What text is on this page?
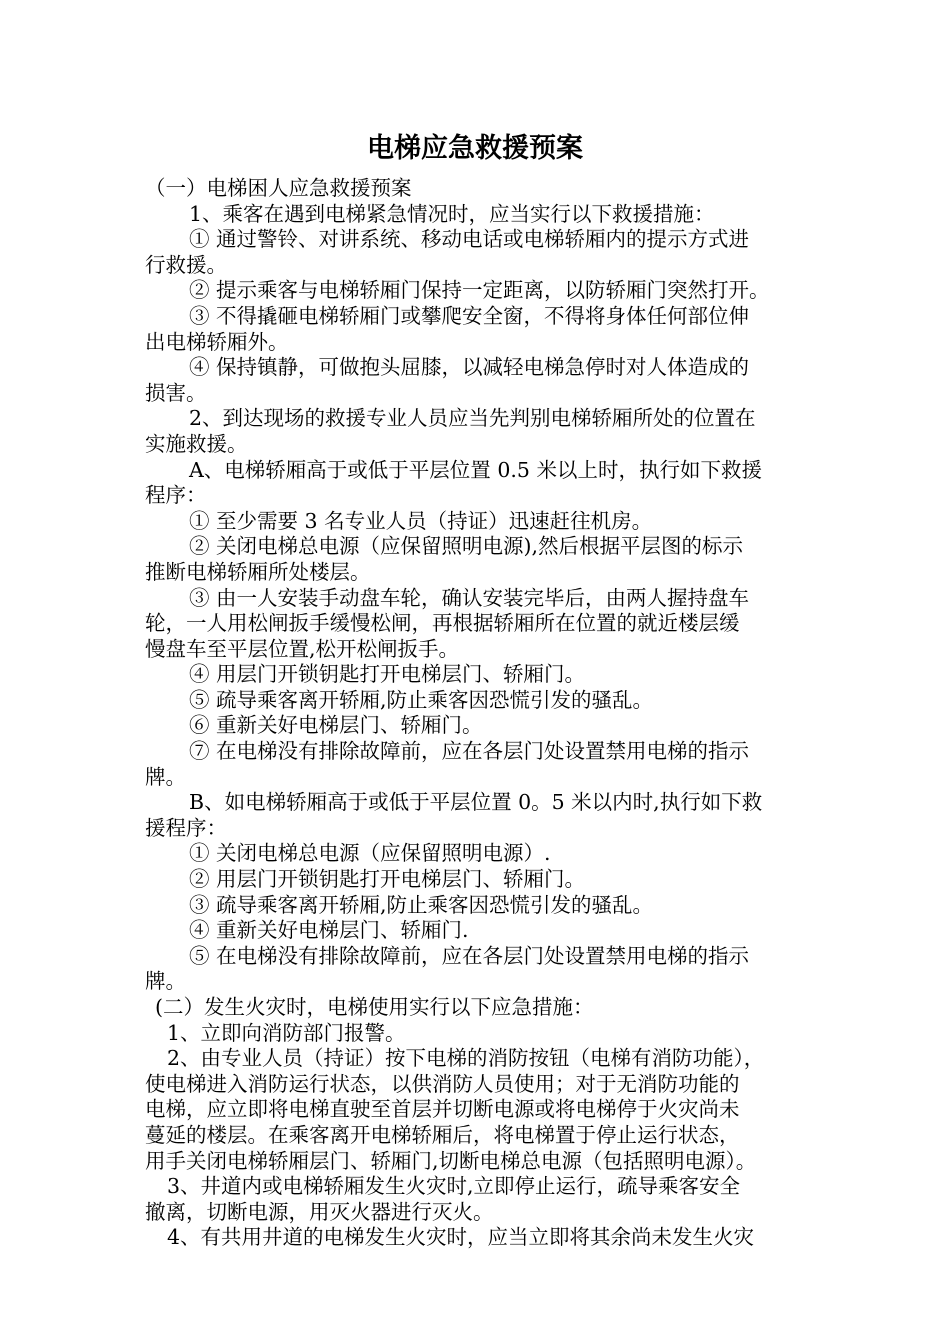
电梯应急救援预案
（一）电梯困人应急救援预案
1、乘客在遇到电梯紧急情况时，应当实行以下救援措施：
① 通过警铃、对讲系统、移动电话或电梯轿厢内的提示方式进
行救援。
② 提示乘客与电梯轿厢门保持一定距离，以防轿厢门突然打开。
③ 不得撬砸电梯轿厢门或攀爬安全窗，不得将身体任何部位伸
出电梯轿厢外。
④ 保持镇静，可做抱头屈膝，以减轻电梯急停时对人体造成的
损害。
2、到达现场的救援专业人员应当先判别电梯轿厢所处的位置在
实施救援。
A、电梯轿厢高于或低于平层位置 0.5 米以上时，执行如下救援
程序：
① 至少需要 3 名专业人员（持证）迅速赶往机房。
② 关闭电梯总电源（应保留照明电源),然后根据平层图的标示
推断电梯轿厢所处楼层。
③ 由一人安装手动盘车轮，确认安装完毕后，由两人握持盘车
轮，一人用松闸扳手缓慢松闸，再根据轿厢所在位置的就近楼层缓
慢盘车至平层位置,松开松闸扳手。
④ 用层门开锁钥匙打开电梯层门、轿厢门。
⑤ 疏导乘客离开轿厢,防止乘客因恐慌引发的骚乱。
⑥ 重新关好电梯层门、轿厢门。
⑦ 在电梯没有排除故障前，应在各层门处设置禁用电梯的指示
牌。
B、如电梯轿厢高于或低于平层位置 0。5 米以内时,执行如下救
援程序：
① 关闭电梯总电源（应保留照明电源）.
② 用层门开锁钥匙打开电梯层门、轿厢门。
③ 疏导乘客离开轿厢,防止乘客因恐慌引发的骚乱。
④ 重新关好电梯层门、轿厢门.
⑤ 在电梯没有排除故障前，应在各层门处设置禁用电梯的指示
牌。
(二）发生火灾时，电梯使用实行以下应急措施：
1、立即向消防部门报警。
2、由专业人员（持证）按下电梯的消防按钮（电梯有消防功能），
使电梯进入消防运行状态，以供消防人员使用；对于无消防功能的
电梯，应立即将电梯直驶至首层并切断电源或将电梯停于火灾尚未
蔓延的楼层。在乘客离开电梯轿厢后，将电梯置于停止运行状态，
用手关闭电梯轿厢层门、轿厢门,切断电梯总电源（包括照明电源）。
3、井道内或电梯轿厢发生火灾时,立即停止运行，疏导乘客安全
撤离，切断电源，用灭火器进行灭火。
4、有共用井道的电梯发生火灾时，应当立即将其余尚未发生火灾
